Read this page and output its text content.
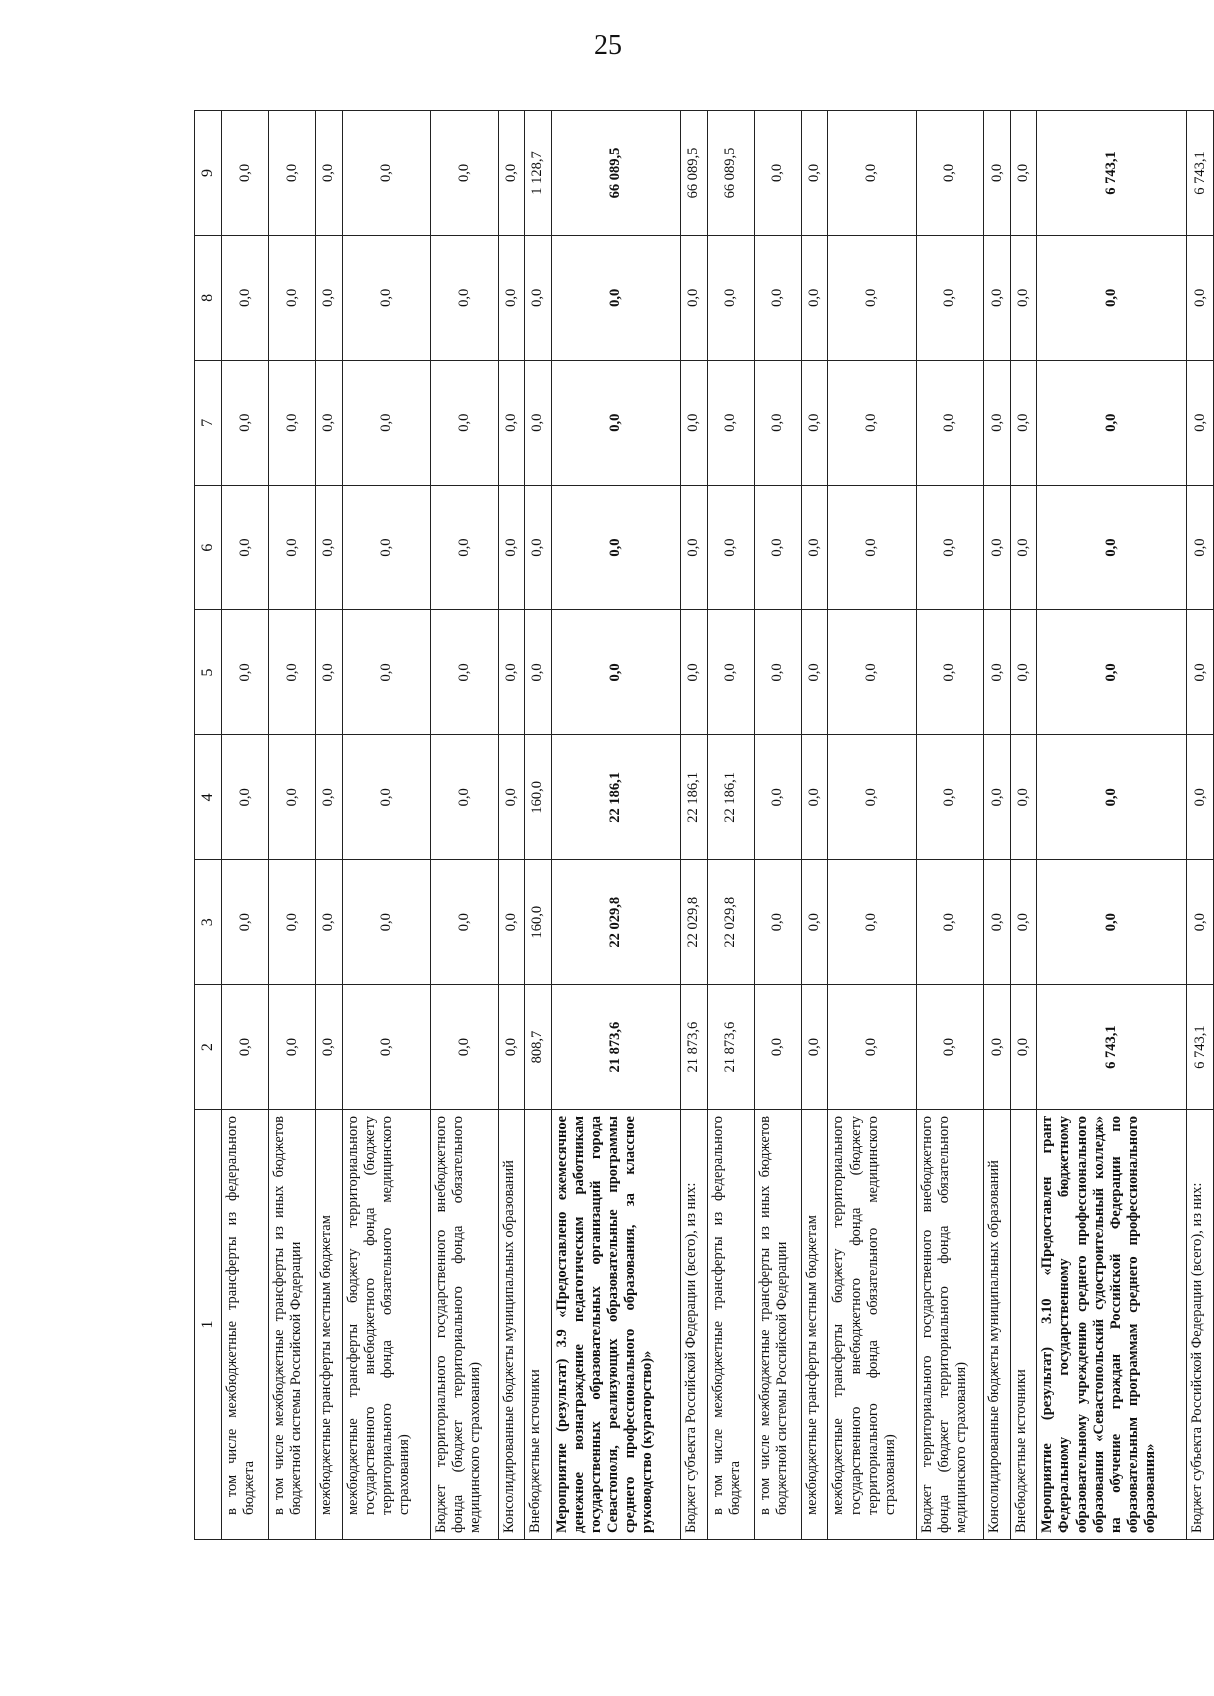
25
1	2	3	4	5	6	7	8	9
в том числе межбюджетные трансферты из федерального бюджета	0,0	0,0	0,0	0,0	0,0	0,0	0,0	0,0
в том числе межбюджетные трансферты из иных бюджетов бюджетной системы Российской Федерации	0,0	0,0	0,0	0,0	0,0	0,0	0,0	0,0
межбюджетные трансферты местным бюджетам	0,0	0,0	0,0	0,0	0,0	0,0	0,0	0,0
межбюджетные трансферты бюджету территориального государственного внебюджетного фонда (бюджету территориального фонда обязательного медицинского страхования)	0,0	0,0	0,0	0,0	0,0	0,0	0,0	0,0
Бюджет территориального государственного внебюджетного фонда (бюджет территориального фонда обязательного медицинского страхования)	0,0	0,0	0,0	0,0	0,0	0,0	0,0	0,0
Консолидированные бюджеты муниципальных образований	0,0	0,0	0,0	0,0	0,0	0,0	0,0	0,0
Внебюджетные источники	808,7	160,0	160,0	0,0	0,0	0,0	0,0	1 128,7
Мероприятие (результат) 3.9 «Предоставлено ежемесячное денежное вознаграждение педагогическим работникам государственных образовательных организаций города Севастополя, реализующих образовательные программы среднего профессионального образования, за классное руководство (кураторство)»	21 873,6	22 029,8	22 186,1	0,0	0,0	0,0	0,0	66 089,5
Бюджет субъекта Российской Федерации (всего), из них:	21 873,6	22 029,8	22 186,1	0,0	0,0	0,0	0,0	66 089,5
в том числе межбюджетные трансферты из федерального бюджета	21 873,6	22 029,8	22 186,1	0,0	0,0	0,0	0,0	66 089,5
в том числе межбюджетные трансферты из иных бюджетов бюджетной системы Российской Федерации	0,0	0,0	0,0	0,0	0,0	0,0	0,0	0,0
межбюджетные трансферты местным бюджетам	0,0	0,0	0,0	0,0	0,0	0,0	0,0	0,0
межбюджетные трансферты бюджету территориального государственного внебюджетного фонда (бюджету территориального фонда обязательного медицинского страхования)	0,0	0,0	0,0	0,0	0,0	0,0	0,0	0,0
Бюджет территориального государственного внебюджетного фонда (бюджет территориального фонда обязательного медицинского страхования)	0,0	0,0	0,0	0,0	0,0	0,0	0,0	0,0
Консолидированные бюджеты муниципальных образований	0,0	0,0	0,0	0,0	0,0	0,0	0,0	0,0
Внебюджетные источники	0,0	0,0	0,0	0,0	0,0	0,0	0,0	0,0
Мероприятие (результат) 3.10 «Предоставлен грант Федеральному государственному бюджетному образовательному учреждению среднего профессионального образования «Севастопольский судостроительный колледж» на обучение граждан Российской Федерации по образовательным программам среднего профессионального образования»	6 743,1	0,0	0,0	0,0	0,0	0,0	0,0	6 743,1
Бюджет субъекта Российской Федерации (всего), из них:	6 743,1	0,0	0,0	0,0	0,0	0,0	0,0	6 743,1
